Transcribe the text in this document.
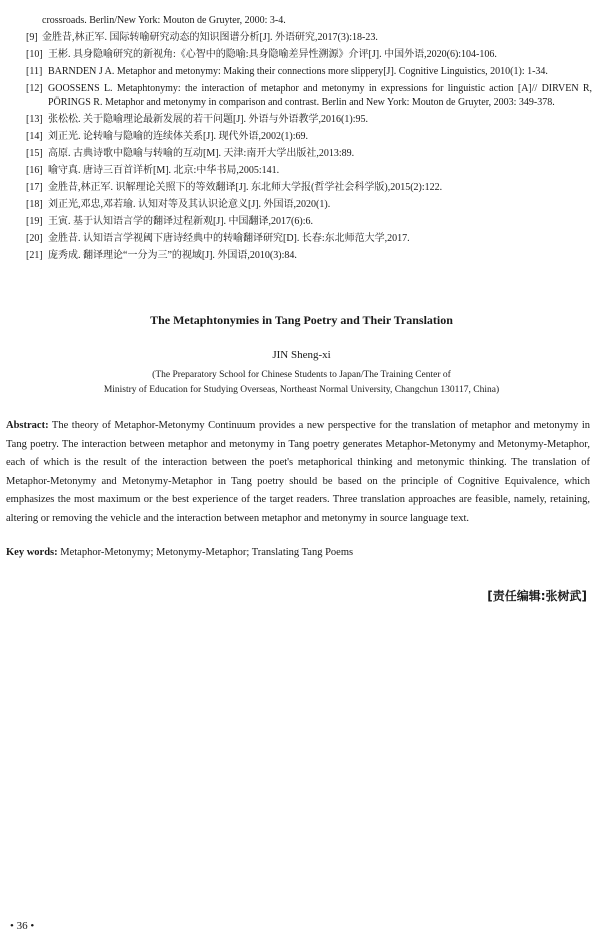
crossroads. Berlin/New York: Mouton de Gruyter, 2000: 3-4.
[9] 金胜昔,林正军. 国际转喻研究动态的知识图谱分析[J]. 外语研究,2017(3):18-23.
[10] 王彬. 具身隐喻研究的新视角:《心智中的隐喻:具身隐喻差异性溯源》介评[J]. 中国外语,2020(6):104-106.
[11] BARNDEN J A. Metaphor and metonymy: Making their connections more slippery[J]. Cognitive Linguistics, 2010(1): 1-34.
[12] GOOSSENS L. Metaphtonymy: the interaction of metaphor and metonymy in expressions for linguistic action [A]// DIRVEN R, PÖRINGS R. Metaphor and metonymy in comparison and contrast. Berlin and New York: Mouton de Gruyter, 2003: 349-378.
[13] 张松松. 关于隐喻理论最新发展的若干问题[J]. 外语与外语教学,2016(1):95.
[14] 刘正光. 论转喻与隐喻的连续体关系[J]. 现代外语,2002(1):69.
[15] 高原. 古典诗歌中隐喻与转喻的互动[M]. 天津:南开大学出版社,2013:89.
[16] 喻守真. 唐诗三百首详析[M]. 北京:中华书局,2005:141.
[17] 金胜昔,林正军. 识解理论关照下的等效翻译[J]. 东北师大学报(哲学社会科学版),2015(2):122.
[18] 刘正光,邓忠,邓若瑜. 认知对等及其认识论意义[J]. 外国语,2020(1).
[19] 王寅. 基于认知语言学的翻译过程新观[J]. 中国翻译,2017(6):6.
[20] 金胜昔. 认知语言学视阈下唐诗经典中的转喻翻译研究[D]. 长春:东北师范大学,2017.
[21] 庞秀成. 翻译理论“一分为三”的视域[J]. 外国语,2010(3):84.
The Metaphtonymies in Tang Poetry and Their Translation
JIN Sheng-xi
(The Preparatory School for Chinese Students to Japan/The Training Center of
Ministry of Education for Studying Overseas, Northeast Normal University, Changchun 130117, China)
Abstract: The theory of Metaphor-Metonymy Continuum provides a new perspective for the translation of metaphor and metonymy in Tang poetry. The interaction between metaphor and metonymy in Tang poetry generates Metaphor-Metonymy and Metonymy-Metaphor, each of which is the result of the interaction between the poet's metaphorical thinking and metonymic thinking. The translation of Metaphor-Metonymy and Metonymy-Metaphor in Tang poetry should be based on the principle of Cognitive Equivalence, which emphasizes the most maximum or the best experience of the target readers. Three translation approaches are feasible, namely, retaining, altering or removing the vehicle and the interaction between metaphor and metonymy in source language text.
Key words: Metaphor-Metonymy; Metonymy-Metaphor; Translating Tang Poems
[责任编辑:张树武]
• 36 •
